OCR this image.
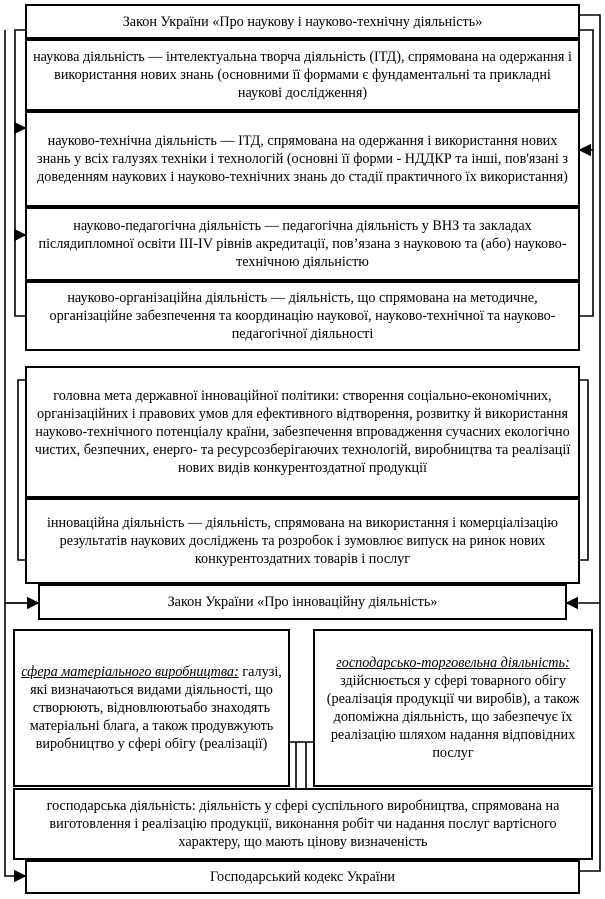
Закон України «Про наукову і науково-технічну діяльність»
наукова діяльність — інтелектуальна творча діяльність (ІТД), спрямована на одержання і використання нових знань (основними її формами є фундаментальні та прикладні наукові дослідження)
науково-технічна діяльність — ІТД, спрямована на одержання і використання нових знань у всіх галузях техніки і технологій (основні її форми - НДДКР та інші, пов'язані з доведенням наукових і науково-технічних знань до стадії практичного їх використання)
науково-педагогічна діяльність — педагогічна діяльність у ВНЗ та закладах післядипломної освіти ІІІ-IV рівнів акредитації, пов’язана з науковою та (або) науково-технічною діяльністю
науково-організаційна діяльність — діяльність, що спрямована на методичне, організаційне забезпечення та координацію наукової, науково-технічної та науково-педагогічної діяльності
головна мета державної інноваційної політики: створення соціально-економічних, організаційних і правових умов для ефективного відтворення, розвитку й використання науково-технічного потенціалу країни, забезпечення впровадження сучасних екологічно чистих, безпечних, енерго- та ресурсозберігаючих технологій, виробництва та реалізації нових видів конкурентоздатної продукції
інноваційна діяльність — діяльність, спрямована на використання і комерціалізацію результатів наукових досліджень та розробок і зумовлює випуск на ринок нових конкурентоздатних товарів і послуг
Закон України «Про інноваційну діяльність»
сфера матеріального виробництва: галузі, які визначаються видами діяльності, що створюють, відновлюютьабо знаходять матеріальні блага, а також продувжують виробництво у сфері обігу (реалізації)
господарсько-торговельна діяльність: здійснюється у сфері товарного обігу (реалізація продукції чи виробів), а також допоміжна діяльність, що забезпечує їх реалізацію шляхом надання відповідних послуг
господарська діяльність: діяльність у сфері суспільного виробництва, спрямована на виготовлення і реалізацію продукції, виконання робіт чи надання послуг вартісного характеру, що мають цінову визначеність
Господарський кодекс України
